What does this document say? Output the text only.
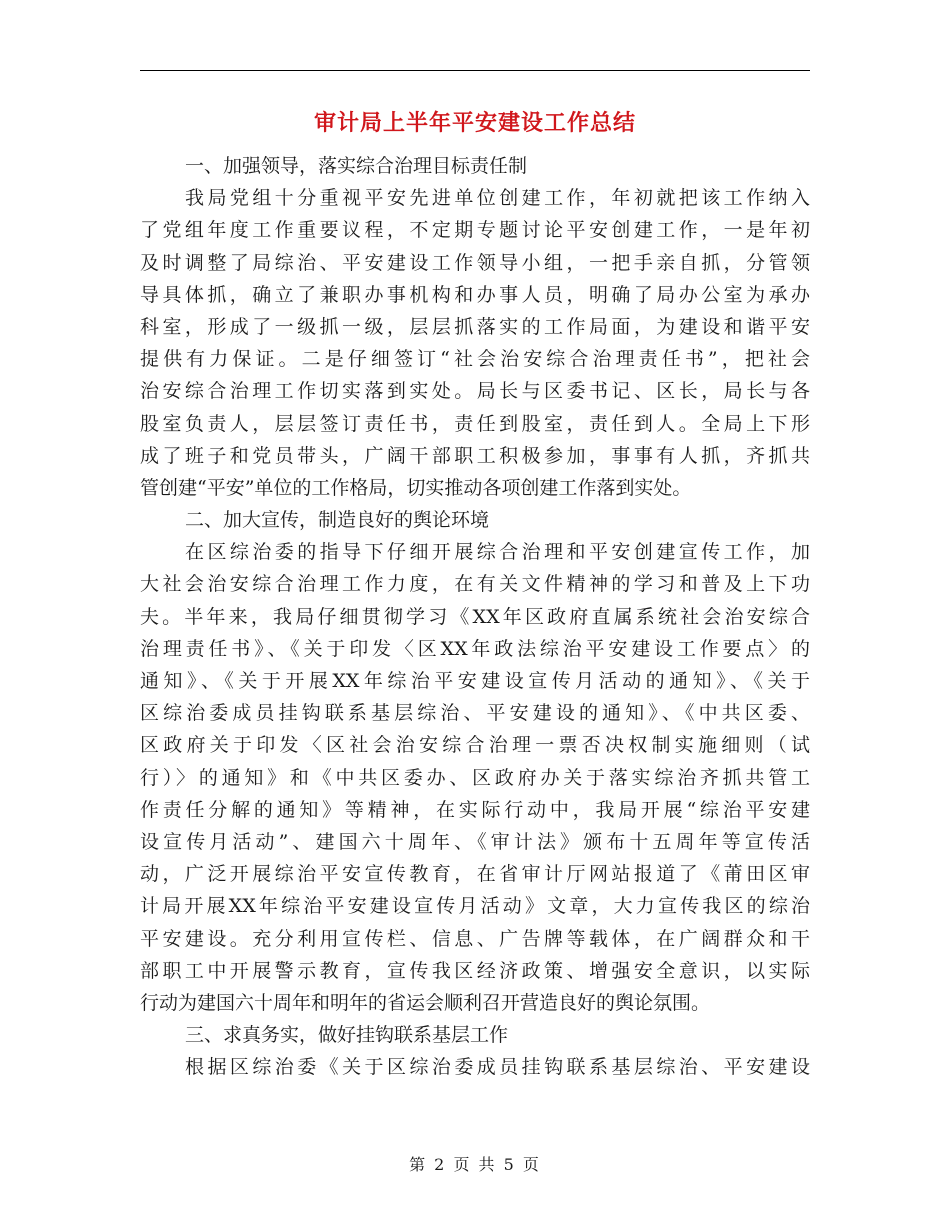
审计局上半年平安建设工作总结
一、加强领导，落实综合治理目标责任制
我局党组十分重视平安先进单位创建工作，年初就把该工作纳入
了党组年度工作重要议程，不定期专题讨论平安创建工作，一是年初
及时调整了局综治、平安建设工作领导小组，一把手亲自抓，分管领
导具体抓，确立了兼职办事机构和办事人员，明确了局办公室为承办
科室，形成了一级抓一级，层层抓落实的工作局面，为建设和谐平安
提供有力保证。二是仔细签订“社会治安综合治理责任书”，把社会
治安综合治理工作切实落到实处。局长与区委书记、区长，局长与各
股室负责人，层层签订责任书，责任到股室，责任到人。全局上下形
成了班子和党员带头，广阔干部职工积极参加，事事有人抓，齐抓共
管创建“平安”单位的工作格局，切实推动各项创建工作落到实处。
二、加大宣传，制造良好的舆论环境
在区综治委的指导下仔细开展综合治理和平安创建宣传工作，加
大社会治安综合治理工作力度，在有关文件精神的学习和普及上下功
夫。半年来，我局仔细贯彻学习《XX年区政府直属系统社会治安综合
治理责任书》、《关于印发〈区XX年政法综治平安建设工作要点〉的
通知》、《关于开展XX年综治平安建设宣传月活动的通知》、《关于
区综治委成员挂钩联系基层综治、平安建设的通知》、《中共区委、
区政府关于印发〈区社会治安综合治理一票否决权制实施细则（试
行）〉的通知》和《中共区委办、区政府办关于落实综治齐抓共管工
作责任分解的通知》等精神，在实际行动中，我局开展“综治平安建
设宣传月活动”、建国六十周年、《审计法》颁布十五周年等宣传活
动，广泛开展综治平安宣传教育，在省审计厅网站报道了《莆田区审
计局开展XX年综治平安建设宣传月活动》文章，大力宣传我区的综治
平安建设。充分利用宣传栏、信息、广告牌等载体，在广阔群众和干
部职工中开展警示教育，宣传我区经济政策、增强安全意识，以实际
行动为建国六十周年和明年的省运会顺利召开营造良好的舆论氛围。
三、求真务实，做好挂钩联系基层工作
根据区综治委《关于区综治委成员挂钩联系基层综治、平安建设
第 2 页 共 5 页
